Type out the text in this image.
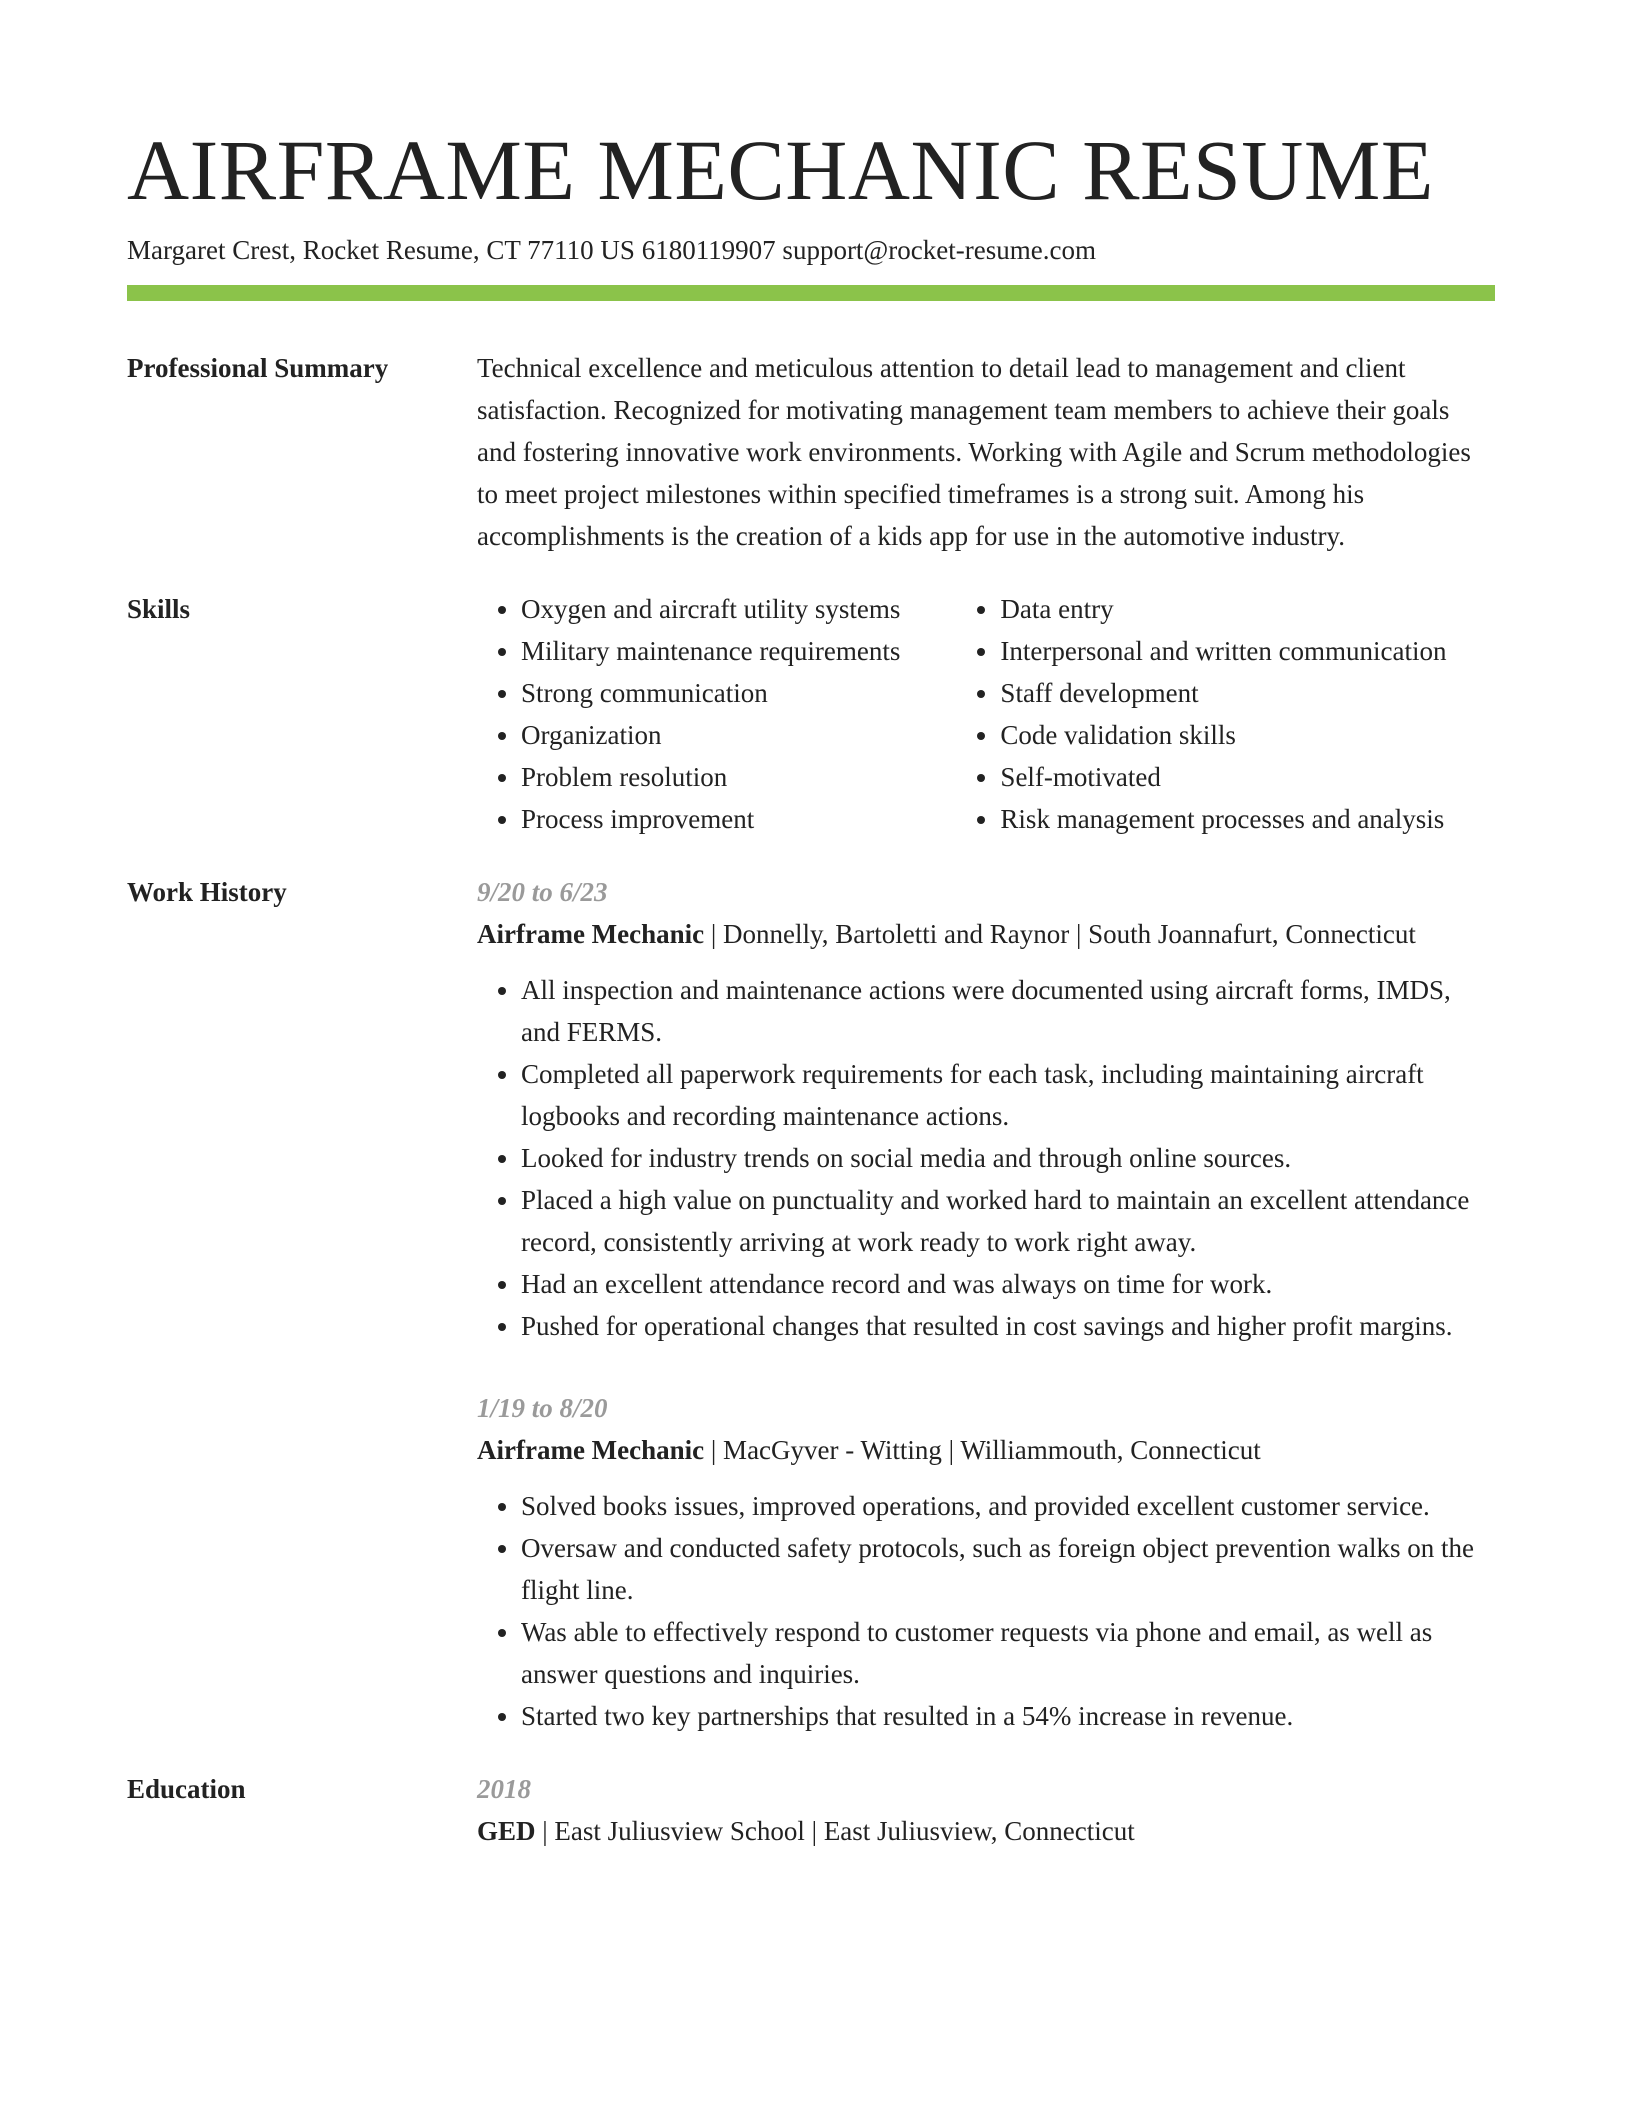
AIRFRAME MECHANIC RESUME
Margaret Crest, Rocket Resume, CT 77110 US 6180119907 support@rocket-resume.com
Professional Summary	Technical excellence and meticulous attention to detail lead to management and client satisfaction. Recognized for motivating management team members to achieve their goals and fostering innovative work environments. Working with Agile and Scrum methodologies to meet project milestones within specified timeframes is a strong suit. Among his accomplishments is the creation of a kids app for use in the automotive industry.

Skills
•	Oxygen and aircraft utility systems
• Military maintenance requirements
• Strong communication
• Organization
• Problem resolution
• Process improvement
• Data entry
• Interpersonal and written communication
• Staff development
• Code validation skills
• Self-motivated
• Risk management processes and analysis
Work History	9/20 to 6/23
Airframe Mechanic | Donnelly, Bartoletti and Raynor | South Joannafurt, Connecticut
• All inspection and maintenance actions were documented using aircraft forms, IMDS, and FERMS.
• Completed all paperwork requirements for each task, including maintaining aircraft logbooks and recording maintenance actions.
• Looked for industry trends on social media and through online sources.
• Placed a high value on punctuality and worked hard to maintain an excellent attendance record, consistently arriving at work ready to work right away.
• Had an excellent attendance record and was always on time for work.
• Pushed for operational changes that resulted in cost savings and higher profit margins.
1/19 to 8/20
Airframe Mechanic | MacGyver - Witting | Williammouth, Connecticut
• Solved books issues, improved operations, and provided excellent customer service.
• Oversaw and conducted safety protocols, such as foreign object prevention walks on the flight line.
• Was able to effectively respond to customer requests via phone and email, as well as answer questions and inquiries.
• Started two key partnerships that resulted in a 54% increase in revenue.
Education	2018
GED | East Juliusview School | East Juliusview, Connecticut
